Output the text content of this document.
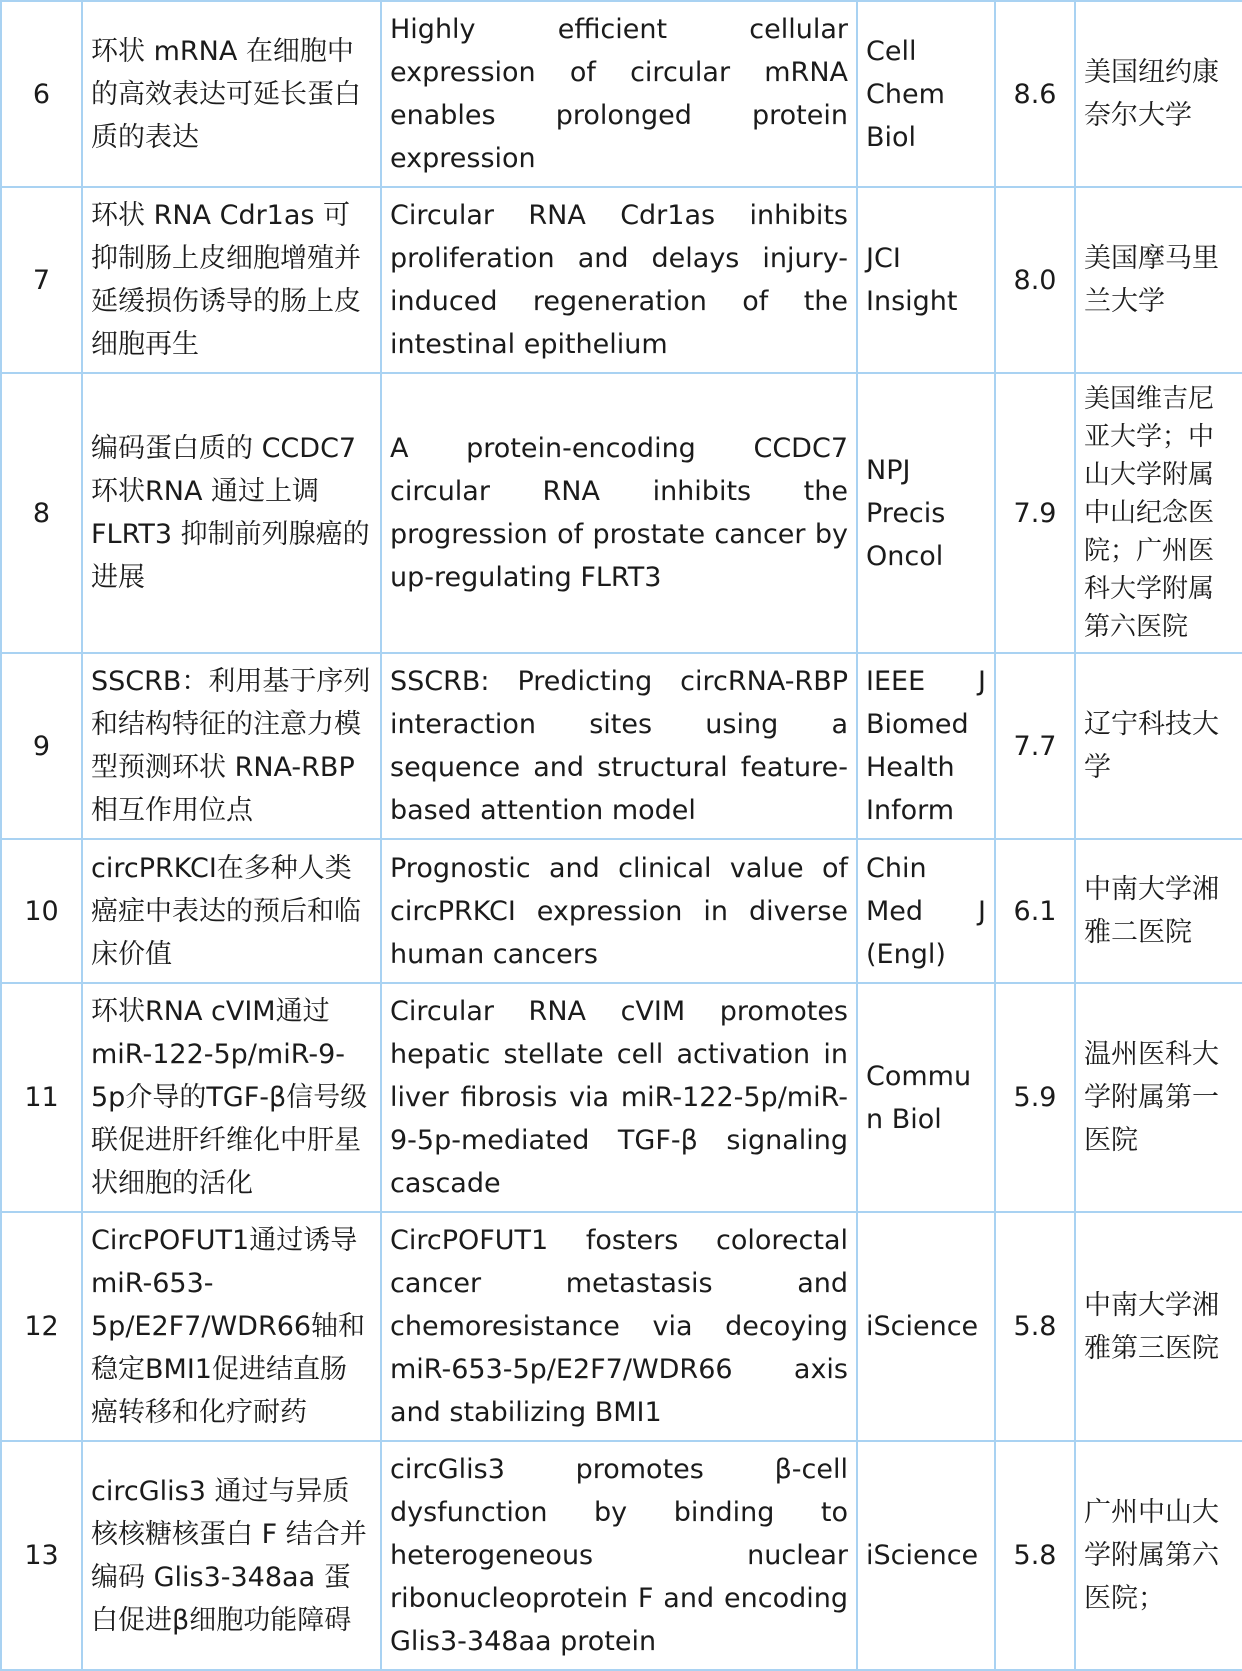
6	环状 mRNA 在细胞中的高效表达可延长蛋白质的表达	Highly efficient cellular expression of circular mRNA enables prolonged protein expression	Cell Chem Biol	8.6	美国纽约康奈尔大学
7	环状 RNA Cdr1as 可抑制肠上皮细胞增殖并延缓损伤诱导的肠上皮细胞再生	Circular RNA Cdr1as inhibits proliferation and delays injury-induced regeneration of the intestinal epithelium	JCI Insight	8.0	美国摩马里兰大学
8	编码蛋白质的 CCDC7 环状RNA 通过上调 FLRT3 抑制前列腺癌的进展	A protein-encoding CCDC7 circular RNA inhibits the progression of prostate cancer by up-regulating FLRT3	NPJ Precis Oncol	7.9	美国维吉尼亚大学；中山大学附属中山纪念医院；广州医科大学附属第六医院
9	SSCRB：利用基于序列和结构特征的注意力模型预测环状 RNA-RBP 相互作用位点	SSCRB: Predicting circRNA-RBP interaction sites using a sequence and structural feature-based attention model	IEEE J Biomed Health Inform	7.7	辽宁科技大学
10	circPRKCI在多种人类癌症中表达的预后和临床价值	Prognostic and clinical value of circPRKCI expression in diverse human cancers	Chin Med J (Engl)	6.1	中南大学湘雅二医院
11	环状RNA cVIM通过miR-122-5p/miR-9-5p介导的TGF-β信号级联促进肝纤维化中肝星状细胞的活化	Circular RNA cVIM promotes hepatic stellate cell activation in liver fibrosis via miR-122-5p/miR-9-5p-mediated TGF-β signaling cascade	Commun Biol	5.9	温州医科大学附属第一医院
12	CircPOFUT1通过诱导miR-653-5p/E2F7/WDR66轴和稳定BMI1促进结直肠癌转移和化疗耐药	CircPOFUT1 fosters colorectal cancer metastasis and chemoresistance via decoying miR-653-5p/E2F7/WDR66 axis and stabilizing BMI1	iScience	5.8	中南大学湘雅第三医院
13	circGlis3 通过与异质核核糖核蛋白 F 结合并编码 Glis3-348aa 蛋白促进β细胞功能障碍	circGlis3 promotes β-cell dysfunction by binding to heterogeneous nuclear ribonucleoprotein F and encoding Glis3-348aa protein	iScience	5.8	广州中山大学附属第六医院；
